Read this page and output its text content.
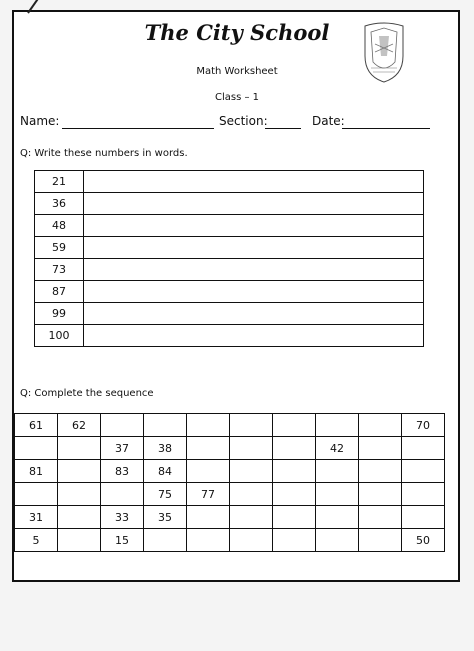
The City School
Math Worksheet
Class – 1
Name:	Section:	Date:
Q: Write these numbers in words.
21	
36	
48	
59	
73	
87	
99	
100	
Q: Complete the sequence
61	62								70
		37	38				42		
81		83	84						
			75	77					
31		33	35						
5		15							50
